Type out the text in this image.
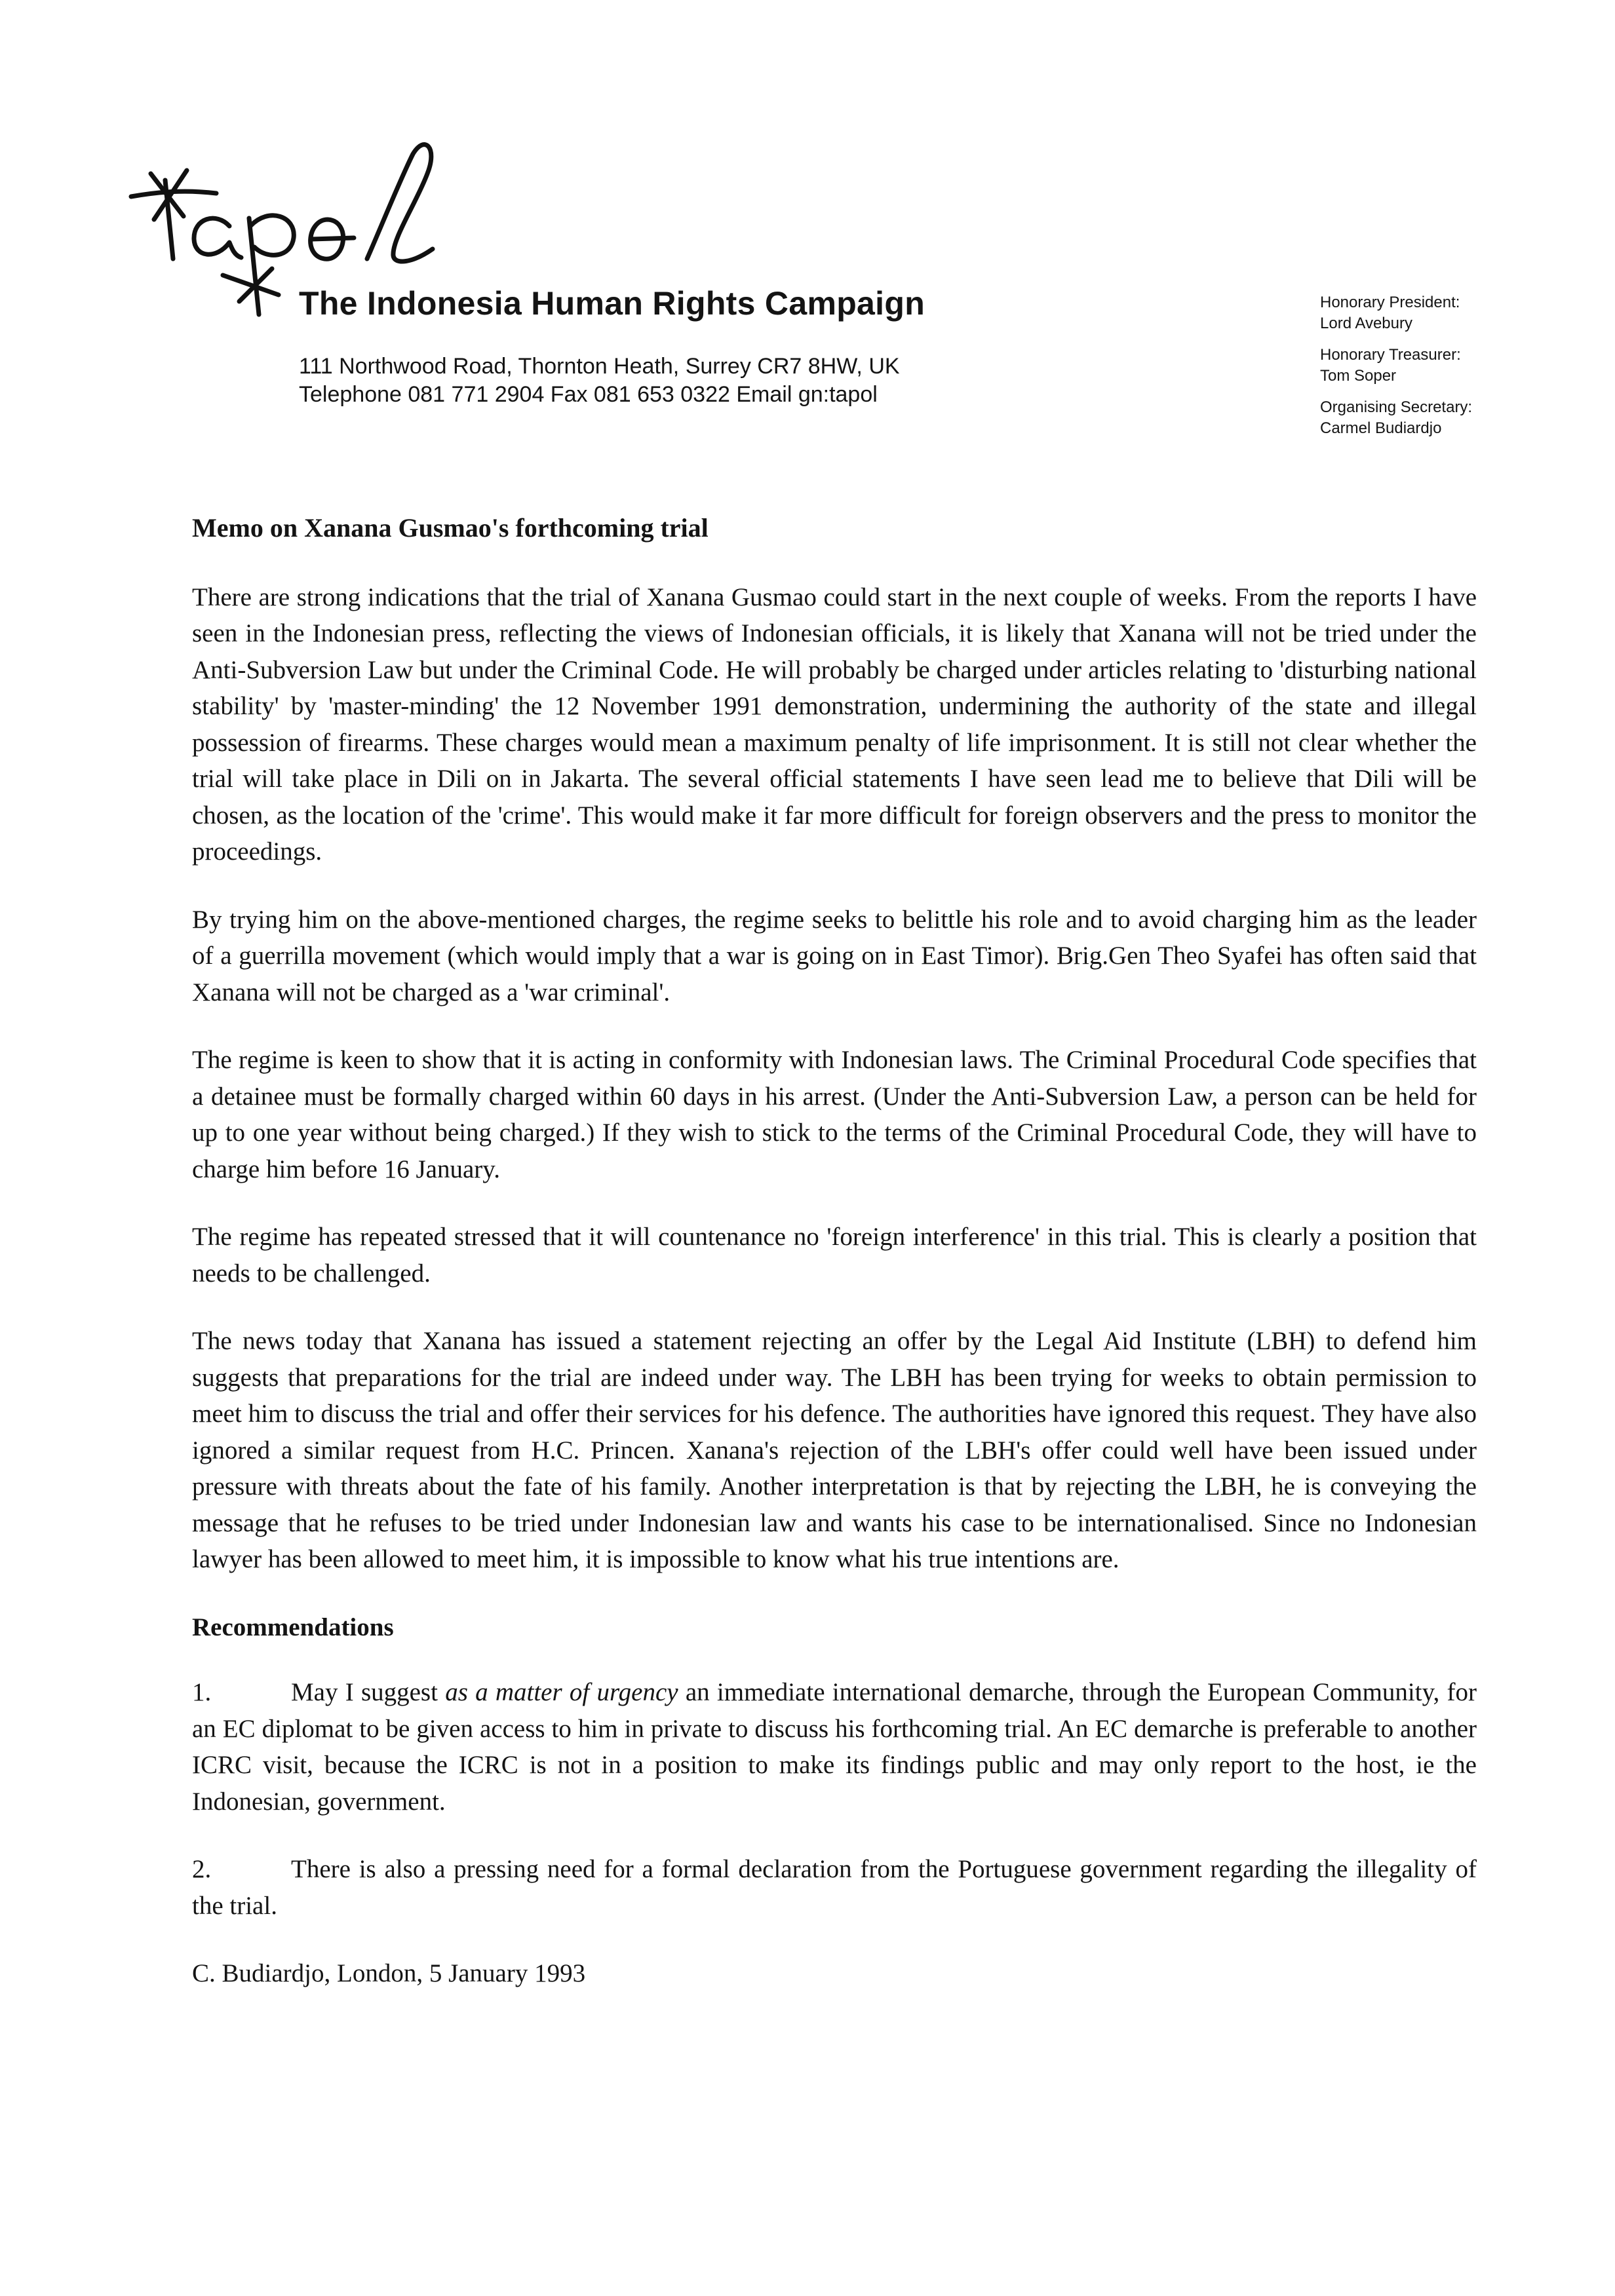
The Indonesia Human Rights Campaign
111 Northwood Road, Thornton Heath, Surrey CR7 8HW, UK
Telephone 081 771 2904 Fax 081 653 0322 Email gn:tapol
Honorary President:
Lord Avebury
Honorary Treasurer:
Tom Soper
Organising Secretary:
Carmel Budiardjo
Memo on Xanana Gusmao's forthcoming trial

There are strong indications that the trial of Xanana Gusmao could start in the next couple of weeks. From the reports I have seen in the Indonesian press, reflecting the views of Indonesian officials, it is likely that Xanana will not be tried under the Anti-Subversion Law but under the Criminal Code. He will probably be charged under articles relating to 'disturbing national stability' by 'master-minding' the 12 November 1991 demonstration, undermining the authority of the state and illegal possession of firearms. These charges would mean a maximum penalty of life imprisonment. It is still not clear whether the trial will take place in Dili on in Jakarta. The several official statements I have seen lead me to believe that Dili will be chosen, as the location of the 'crime'. This would make it far more difficult for foreign observers and the press to monitor the proceedings.

By trying him on the above-mentioned charges, the regime seeks to belittle his role and to avoid charging him as the leader of a guerrilla movement (which would imply that a war is going on in East Timor). Brig.Gen Theo Syafei has often said that Xanana will not be charged as a 'war criminal'.

The regime is keen to show that it is acting in conformity with Indonesian laws. The Criminal Procedural Code specifies that a detainee must be formally charged within 60 days in his arrest. (Under the Anti-Subversion Law, a person can be held for up to one year without being charged.) If they wish to stick to the terms of the Criminal Procedural Code, they will have to charge him before 16 January.

The regime has repeated stressed that it will countenance no 'foreign interference' in this trial. This is clearly a position that needs to be challenged.

The news today that Xanana has issued a statement rejecting an offer by the Legal Aid Institute (LBH) to defend him suggests that preparations for the trial are indeed under way. The LBH has been trying for weeks to obtain permission to meet him to discuss the trial and offer their services for his defence. The authorities have ignored this request. They have also ignored a similar request from H.C. Princen. Xanana's rejection of the LBH's offer could well have been issued under pressure with threats about the fate of his family. Another interpretation is that by rejecting the LBH, he is conveying the message that he refuses to be tried under Indonesian law and wants his case to be internationalised. Since no Indonesian lawyer has been allowed to meet him, it is impossible to know what his true intentions are.

Recommendations

1.	May I suggest as a matter of urgency an immediate international demarche, through the European Community, for an EC diplomat to be given access to him in private to discuss his forthcoming trial. An EC demarche is preferable to another ICRC visit, because the ICRC is not in a position to make its findings public and may only report to the host, ie the Indonesian, government.

2.	There is also a pressing need for a formal declaration from the Portuguese government regarding the illegality of the trial.

C. Budiardjo, London, 5 January 1993
